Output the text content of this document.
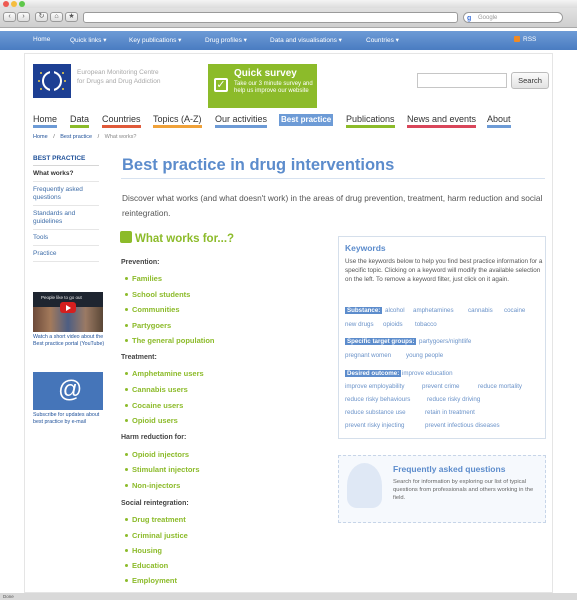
‹	›	↻	⌂	★	g Google
Home	Quick links ▾	Key publications ▾	Drug profiles ▾	Data and visualisations ▾	Countries ▾	RSS
European Monitoring Centre
for Drugs and Drug Addiction	✓
Quick survey
Take our 3 minute survey and help us improve our website
Search
Home Data Countries Topics (A-Z) Our activities Best practice Publications News and events About
Home / Best practice / What works?
BEST PRACTICE
What works?
Frequently asked questions
Standards and guidelines
Tools
Practice
People like to go out
Watch a short video about the Best practice portal (YouTube)
@
Subscribe for updates about best practice by e-mail
Best practice in drug interventions
Discover what works (and what doesn't work) in the areas of drug prevention, treatment, harm reduction and social reintegration.
What works for...?
Prevention:
Families
School students
Communities
Partygoers
The general population
Treatment:
Amphetamine users
Cannabis users
Cocaine users
Opioid users
Harm reduction for:
Opioid injectors
Stimulant injectors
Non-injectors
Social reintegration:
Drug treatment
Criminal justice
Housing
Education
Employment
Keywords
Use the keywords below to help you find best practice information for a specific topic. Clicking on a keyword will modify the available selection on the left. To remove a keyword filter, just click on it again.
Substance: alcohol amphetamines cannabis cocaine
new drugs opioids tobacco
Specific target groups: partygoers/nightlife
pregnant women young people
Desired outcome: improve education
improve employability	prevent crime	reduce mortality
reduce risky behaviours	reduce risky driving
reduce substance use	retain in treatment
prevent risky injecting	prevent infectious diseases
Frequently asked questions
Search for information by exploring our list of typical questions from professionals and others working in the field.
Done
